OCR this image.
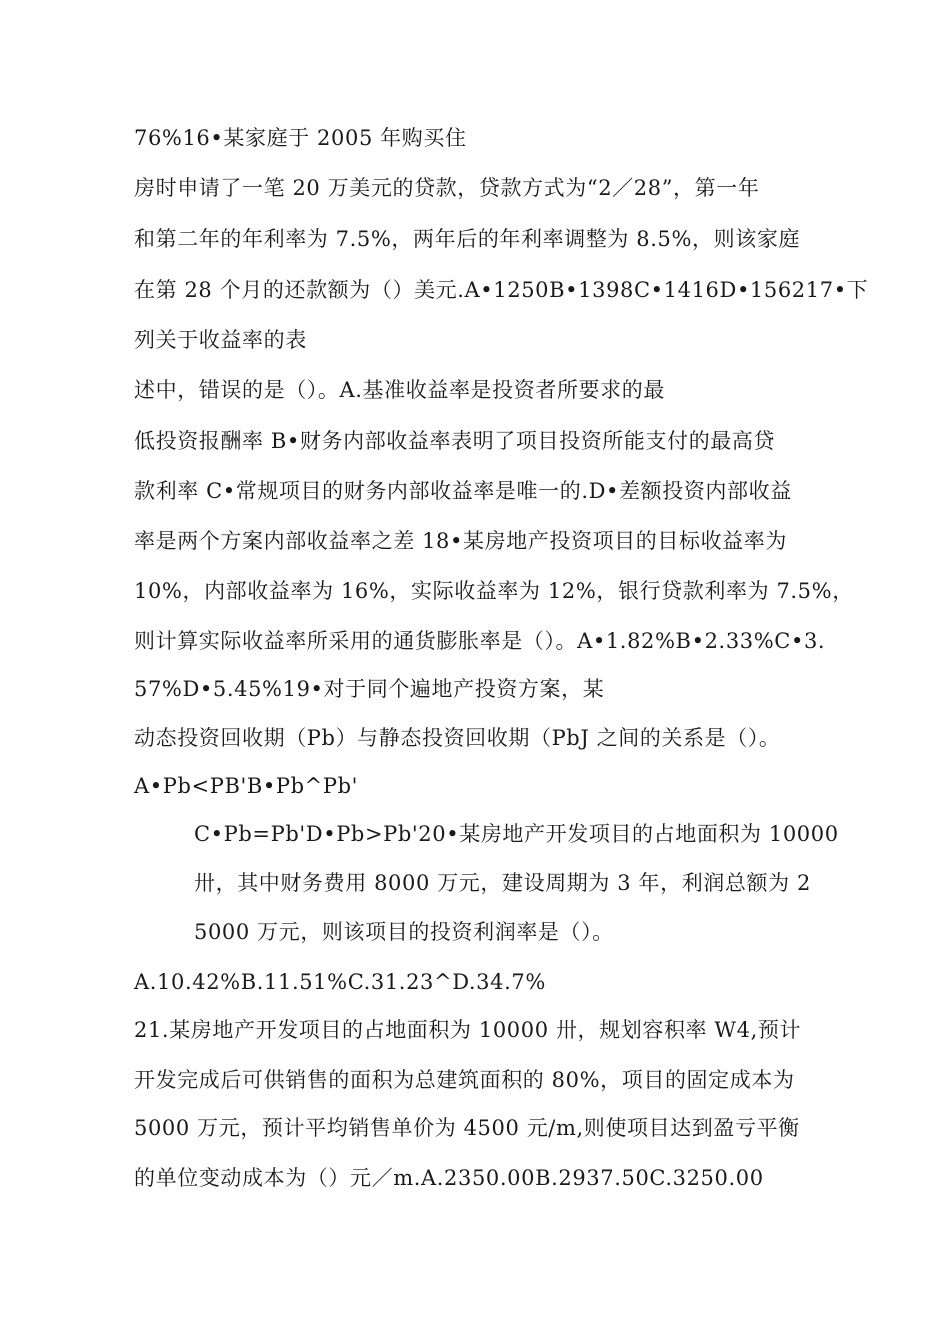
76%16•某家庭于 2005 年购买住
房时申请了一笔 20 万美元的贷款，贷款方式为“2／28”，第一年
和第二年的年利率为 7.5%，两年后的年利率调整为 8.5%，则该家庭
在第 28 个月的还款额为（）美元.A•1250B•1398C•1416D•156217•下
列关于收益率的表
述中，错误的是（）。A.基准收益率是投资者所要求的最
低投资报酬率 B•财务内部收益率表明了项目投资所能支付的最高贷
款利率 C•常规项目的财务内部收益率是唯一的.D•差额投资内部收益
率是两个方案内部收益率之差 18•某房地产投资项目的目标收益率为
10%，内部收益率为 16%，实际收益率为 12%，银行贷款利率为 7.5%，
则计算实际收益率所采用的通货膨胀率是（）。A•1.82%B•2.33%C•3.
57%D•5.45%19•对于同个遍地产投资方案，某
动态投资回收期（Pb）与静态投资回收期（PbJ 之间的关系是（）。
A•Pb<PB'B•Pb^Pb'
C•Pb=Pb'D•Pb>Pb'20•某房地产开发项目的占地面积为 10000
卅，其中财务费用 8000 万元，建设周期为 3 年，利润总额为 2
5000 万元，则该项目的投资利润率是（）。
A.10.42%B.11.51%C.31.23^D.34.7%
21.某房地产开发项目的占地面积为 10000 卅，规划容积率 W4,预计
开发完成后可供销售的面积为总建筑面积的 80%，项目的固定成本为
5000 万元，预计平均销售单价为 4500 元/m,则使项目达到盈亏平衡
的单位变动成本为（）元／m.A.2350.00B.2937.50C.3250.00
